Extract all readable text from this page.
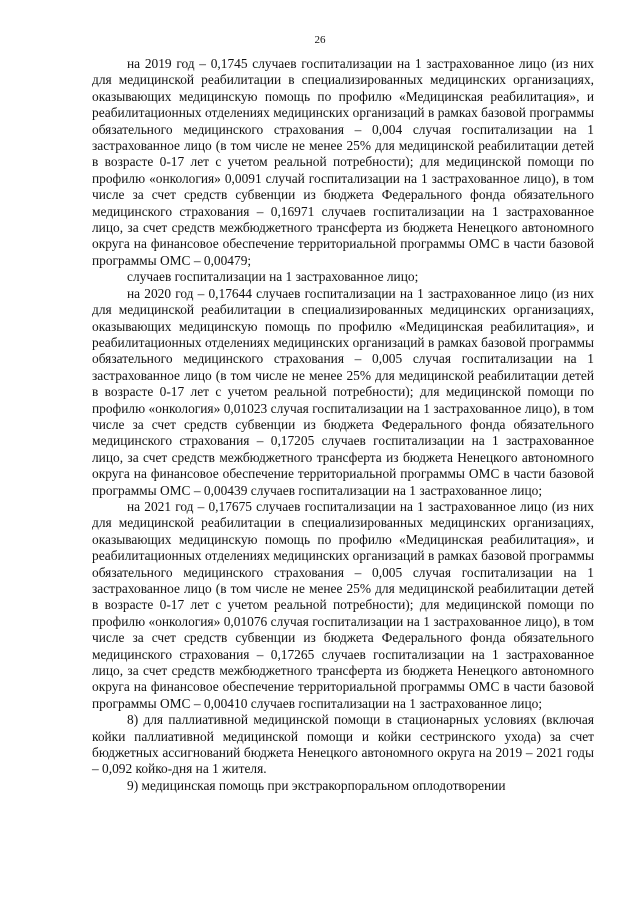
26

на 2019 год – 0,1745 случаев госпитализации на 1 застрахованное лицо (из них для медицинской реабилитации в специализированных медицинских организациях, оказывающих медицинскую помощь по профилю «Медицинская реабилитация», и реабилитационных отделениях медицинских организаций в рамках базовой программы обязательного медицинского страхования – 0,004 случая госпитализации на 1 застрахованное лицо (в том числе не менее 25% для медицинской реабилитации детей в возрасте 0-17 лет с учетом реальной потребности); для медицинской помощи по профилю «онкология» 0,0091 случай госпитализации на 1 застрахованное лицо), в том числе за счет средств субвенции из бюджета Федерального фонда обязательного медицинского страхования – 0,16971 случаев госпитализации на 1 застрахованное лицо, за счет средств межбюджетного трансферта из бюджета Ненецкого автономного округа на финансовое обеспечение территориальной программы ОМС в части базовой программы ОМС – 0,00479;

случаев госпитализации на 1 застрахованное лицо;

на 2020 год – 0,17644 случаев госпитализации на 1 застрахованное лицо (из них для медицинской реабилитации в специализированных медицинских организациях, оказывающих медицинскую помощь по профилю «Медицинская реабилитация», и реабилитационных отделениях медицинских организаций в рамках базовой программы обязательного медицинского страхования – 0,005 случая госпитализации на 1 застрахованное лицо (в том числе не менее 25% для медицинской реабилитации детей в возрасте 0-17 лет с учетом реальной потребности); для медицинской помощи по профилю «онкология» 0,01023 случая госпитализации на 1 застрахованное лицо), в том числе за счет средств субвенции из бюджета Федерального фонда обязательного медицинского страхования – 0,17205 случаев госпитализации на 1 застрахованное лицо, за счет средств межбюджетного трансферта из бюджета Ненецкого автономного округа на финансовое обеспечение территориальной программы ОМС в части базовой программы ОМС – 0,00439 случаев госпитализации на 1 застрахованное лицо;

на 2021 год – 0,17675 случаев госпитализации на 1 застрахованное лицо (из них для медицинской реабилитации в специализированных медицинских организациях, оказывающих медицинскую помощь по профилю «Медицинская реабилитация», и реабилитационных отделениях медицинских организаций в рамках базовой программы обязательного медицинского страхования – 0,005 случая госпитализации на 1 застрахованное лицо (в том числе не менее 25% для медицинской реабилитации детей в возрасте 0-17 лет с учетом реальной потребности); для медицинской помощи по профилю «онкология» 0,01076 случая госпитализации на 1 застрахованное лицо), в том числе за счет средств субвенции из бюджета Федерального фонда обязательного медицинского страхования – 0,17265 случаев госпитализации на 1 застрахованное лицо, за счет средств межбюджетного трансферта из бюджета Ненецкого автономного округа на финансовое обеспечение территориальной программы ОМС в части базовой программы ОМС – 0,00410 случаев госпитализации на 1 застрахованное лицо;

8) для паллиативной медицинской помощи в стационарных условиях (включая койки паллиативной медицинской помощи и койки сестринского ухода) за счет бюджетных ассигнований бюджета Ненецкого автономного округа на 2019 – 2021 годы – 0,092 койко-дня на 1 жителя.

9) медицинская помощь при экстракорпоральном оплодотворении
